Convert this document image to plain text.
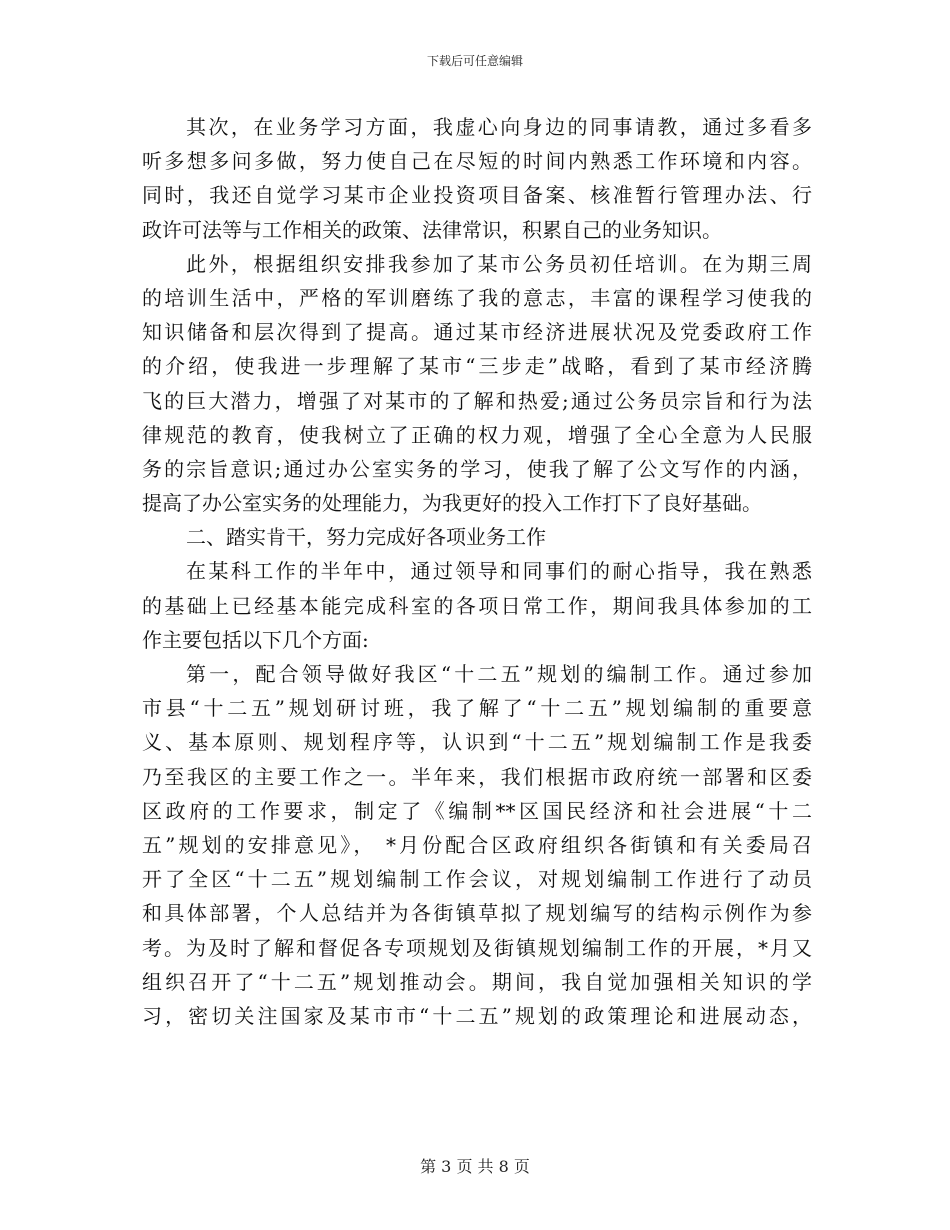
下载后可任意编辑
其次，在业务学习方面，我虚心向身边的同事请教，通过多看多
听多想多问多做，努力使自己在尽短的时间内熟悉工作环境和内容。
同时，我还自觉学习某市企业投资项目备案、核准暂行管理办法、行
政许可法等与工作相关的政策、法律常识，积累自己的业务知识。
此外，根据组织安排我参加了某市公务员初任培训。在为期三周
的培训生活中，严格的军训磨练了我的意志，丰富的课程学习使我的
知识储备和层次得到了提高。通过某市经济进展状况及党委政府工作
的介绍，使我进一步理解了某市“三步走”战略，看到了某市经济腾
飞的巨大潜力，增强了对某市的了解和热爱;通过公务员宗旨和行为法
律规范的教育，使我树立了正确的权力观，增强了全心全意为人民服
务的宗旨意识;通过办公室实务的学习，使我了解了公文写作的内涵，
提高了办公室实务的处理能力，为我更好的投入工作打下了良好基础。
二、踏实肯干，努力完成好各项业务工作
在某科工作的半年中，通过领导和同事们的耐心指导，我在熟悉
的基础上已经基本能完成科室的各项日常工作，期间我具体参加的工
作主要包括以下几个方面:
第一，配合领导做好我区“十二五”规划的编制工作。通过参加
市县“十二五”规划研讨班，我了解了“十二五”规划编制的重要意
义、基本原则、规划程序等，认识到“十二五”规划编制工作是我委
乃至我区的主要工作之一。半年来，我们根据市政府统一部署和区委
区政府的工作要求，制定了《编制**区国民经济和社会进展“十二
五”规划的安排意见》， *月份配合区政府组织各街镇和有关委局召
开了全区“十二五”规划编制工作会议，对规划编制工作进行了动员
和具体部署，个人总结并为各街镇草拟了规划编写的结构示例作为参
考。为及时了解和督促各专项规划及街镇规划编制工作的开展，*月又
组织召开了“十二五”规划推动会。期间，我自觉加强相关知识的学
习，密切关注国家及某市市“十二五”规划的政策理论和进展动态，
第 3 页 共 8 页
